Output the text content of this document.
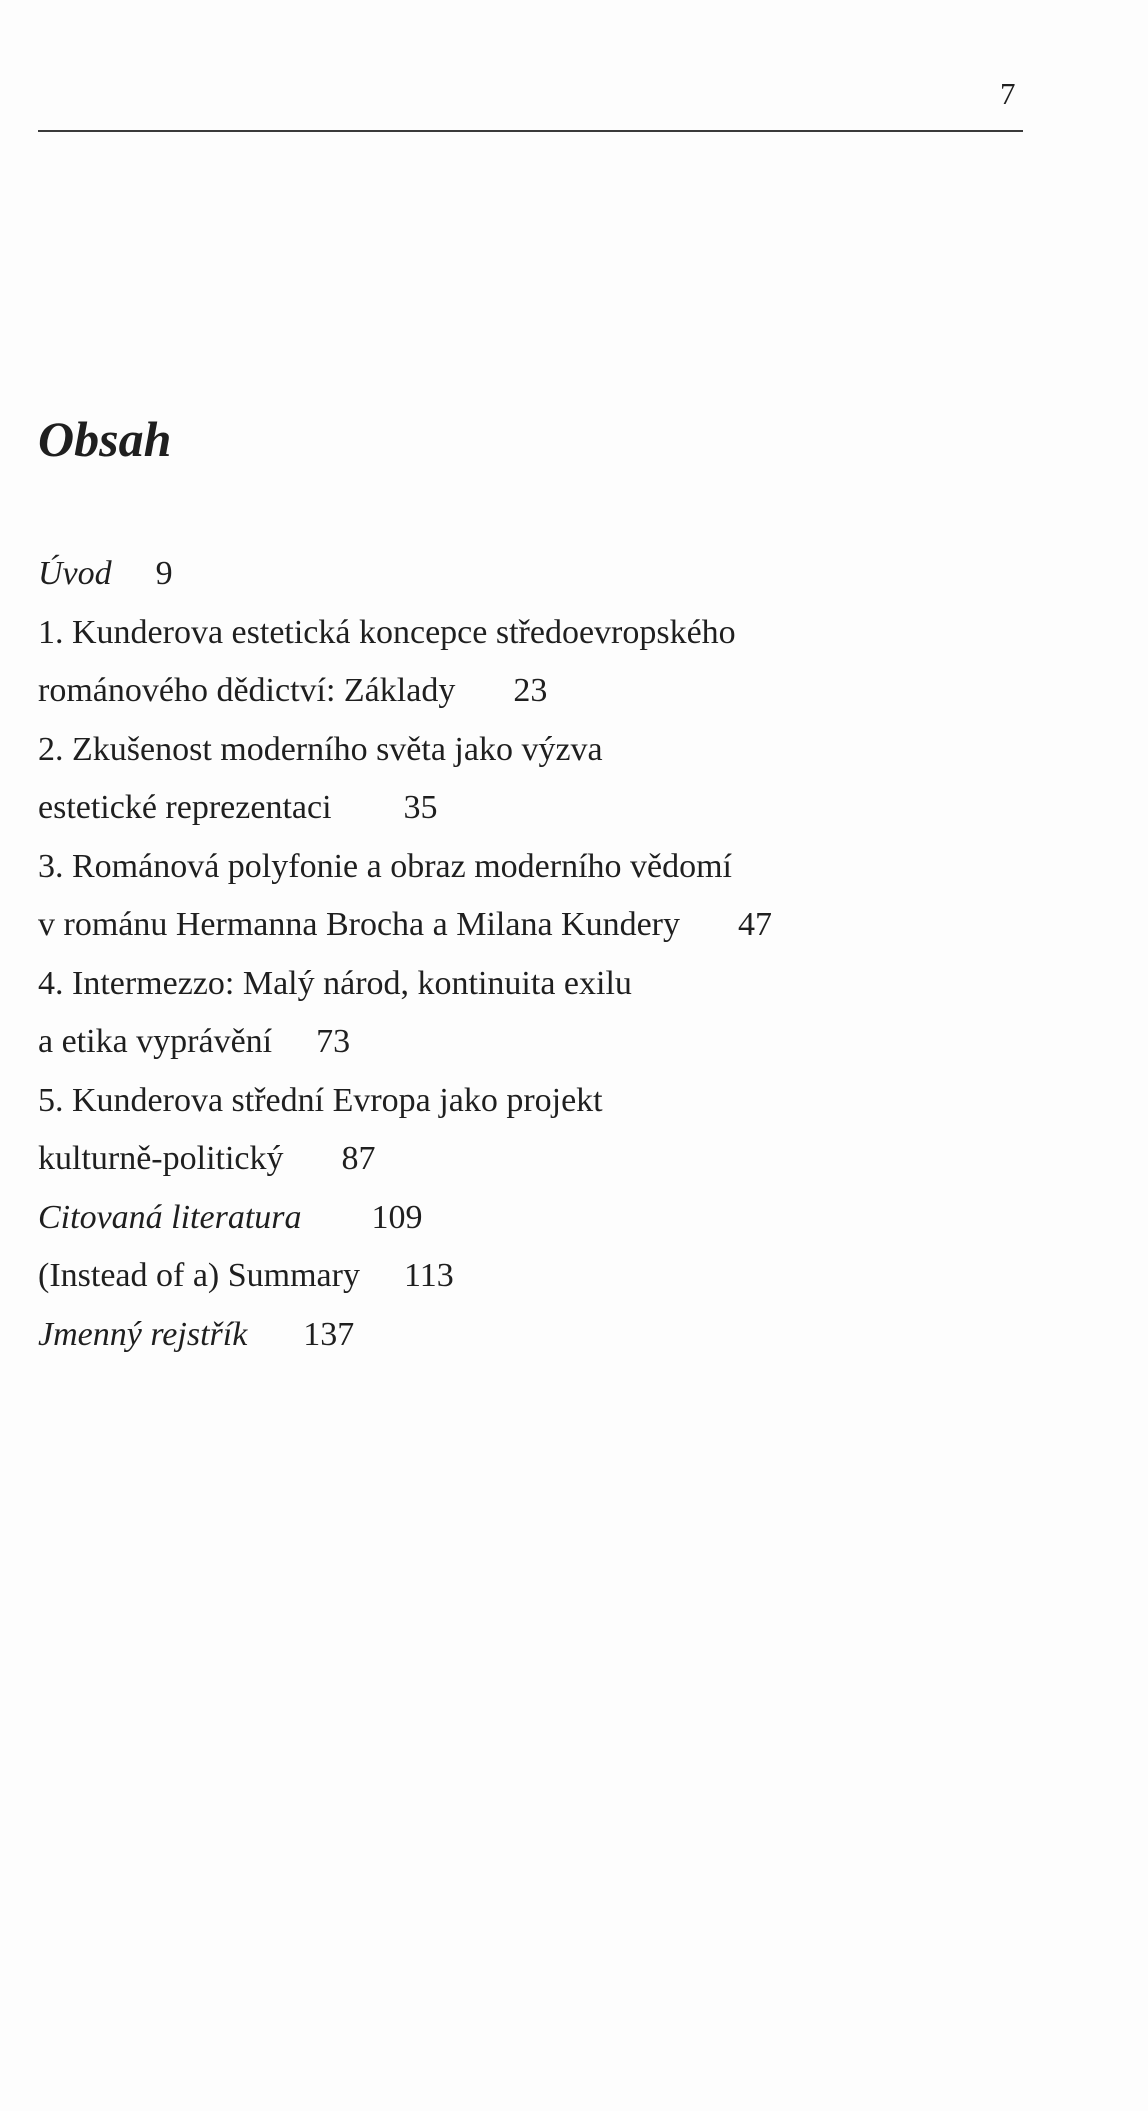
7
Obsah
Úvod 9
1. Kunderova estetická koncepce středoevropského
románového dědictví: Základy 23
2. Zkušenost moderního světa jako výzva
estetické reprezentaci 35
3. Románová polyfonie a obraz moderního vědomí
v románu Hermanna Brocha a Milana Kundery 47
4. Intermezzo: Malý národ, kontinuita exilu
a etika vyprávění 73
5. Kunderova střední Evropa jako projekt
kulturně-politický 87
Citovaná literatura 109
(Instead of a) Summary 113
Jmenný rejstřík 137
